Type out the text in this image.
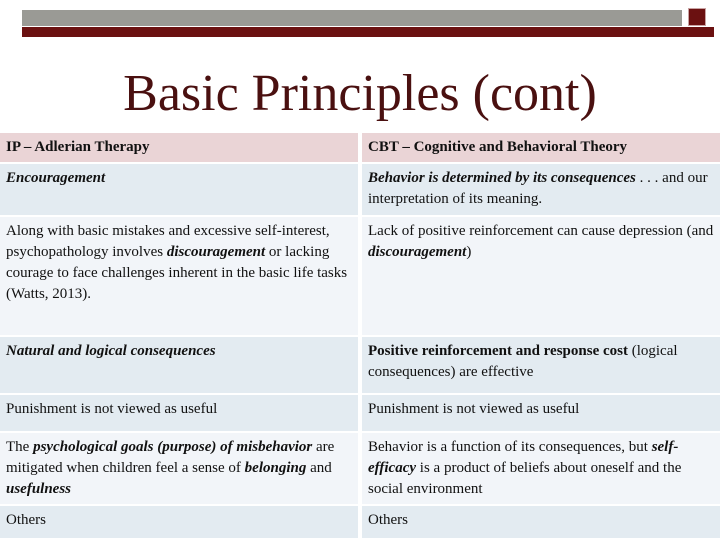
Basic Principles (cont)
IP – Adlerian Therapy	CBT – Cognitive and Behavioral Theory
Encouragement	Behavior is determined by its consequences . . . and our interpretation of its meaning.
Along with basic mistakes and excessive self-interest, psychopathology involves discouragement or lacking courage to face challenges inherent in the basic life tasks (Watts, 2013).	Lack of positive reinforcement can cause depression (and discouragement)
Natural and logical consequences	Positive reinforcement and response cost (logical consequences) are effective
Punishment is not viewed as useful	Punishment is not viewed as useful
The psychological goals (purpose) of misbehavior are mitigated when children feel a sense of belonging and usefulness	Behavior is a function of its consequences, but self-efficacy is a product of beliefs about oneself and the social environment
Others	Others
